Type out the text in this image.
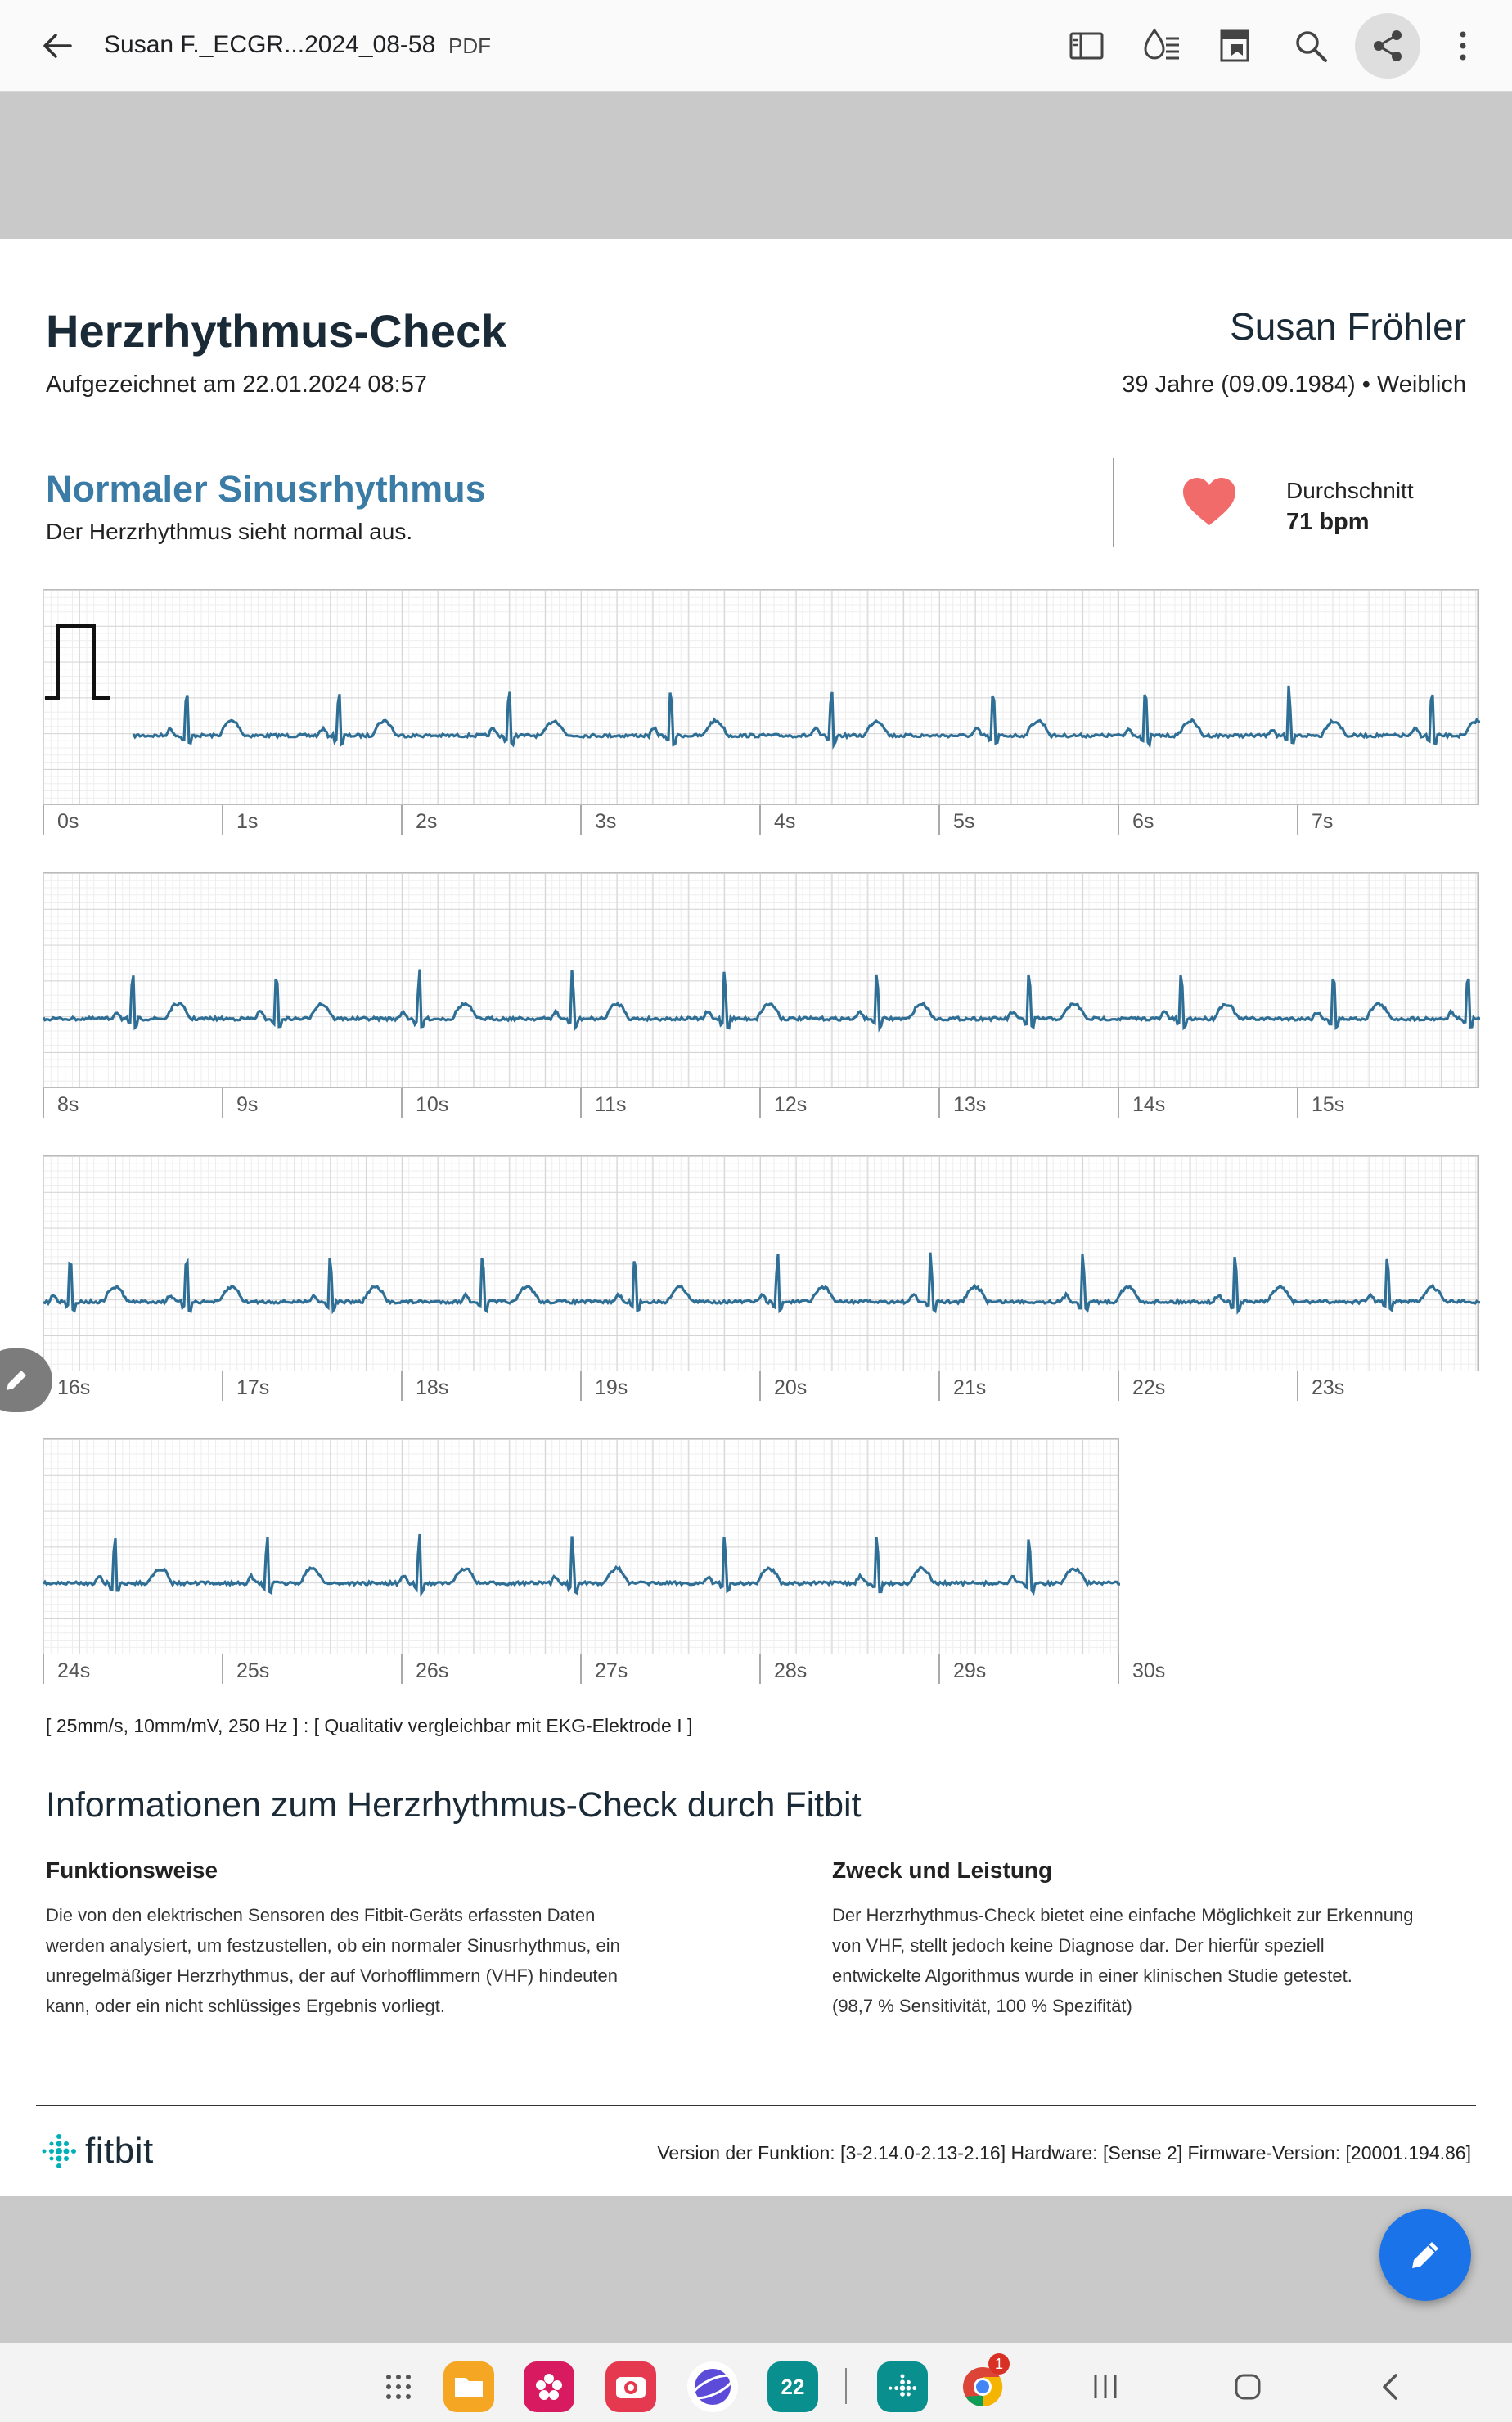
Susan F._ECGR...2024_08-58 PDF
Herzrhythmus-Check
Aufgezeichnet am 22.01.2024 08:57
Susan Fröhler
39 Jahre (09.09.1984) • Weiblich
Normaler Sinusrhythmus
Der Herzrhythmus sieht normal aus.
Durchschnitt
71 bpm
0s	1s	2s	3s	4s	5s	6s	7s
8s	9s	10s	11s	12s	13s	14s	15s
16s	17s	18s	19s	20s	21s	22s	23s
24s	25s	26s	27s	28s	29s	30s
[ 25mm/s, 10mm/mV, 250 Hz ] : [ Qualitativ vergleichbar mit EKG-Elektrode I ]
Informationen zum Herzrhythmus-Check durch Fitbit
Funktionsweise
Die von den elektrischen Sensoren des Fitbit-Geräts erfassten Daten
werden analysiert, um festzustellen, ob ein normaler Sinusrhythmus, ein
unregelmäßiger Herzrhythmus, der auf Vorhofflimmern (VHF) hindeuten
kann, oder ein nicht schlüssiges Ergebnis vorliegt.
Zweck und Leistung
Der Herzrhythmus-Check bietet eine einfache Möglichkeit zur Erkennung
von VHF, stellt jedoch keine Diagnose dar. Der hierfür speziell
entwickelte Algorithmus wurde in einer klinischen Studie getestet.
(98,7 % Sensitivität, 100 % Spezifität)
fitbit	Version der Funktion: [3-2.14.0-2.13-2.16] Hardware: [Sense 2] Firmware-Version: [20001.194.86]
22
1
